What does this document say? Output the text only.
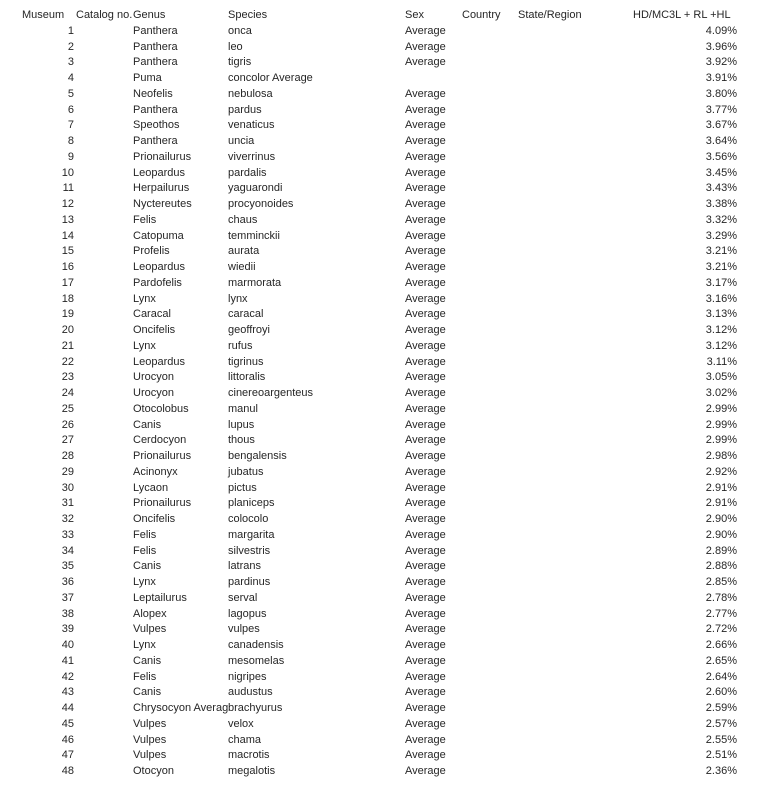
Museum	Catalog no.	Genus	Species	Sex	Country	State/Region	HD/MC3L + RL +HL
1		Panthera	onca	Average			4.09%
2		Panthera	leo	Average			3.96%
3		Panthera	tigris	Average			3.92%
4		Puma	concolor Average				3.91%
5		Neofelis	nebulosa	Average			3.80%
6		Panthera	pardus	Average			3.77%
7		Speothos	venaticus	Average			3.67%
8		Panthera	uncia	Average			3.64%
9		Prionailurus	viverrinus	Average			3.56%
10		Leopardus	pardalis	Average			3.45%
11		Herpailurus	yaguarondi	Average			3.43%
12		Nyctereutes	procyonoides	Average			3.38%
13		Felis	chaus	Average			3.32%
14		Catopuma	temminckii	Average			3.29%
15		Profelis	aurata	Average			3.21%
16		Leopardus	wiedii	Average			3.21%
17		Pardofelis	marmorata	Average			3.17%
18		Lynx	lynx	Average			3.16%
19		Caracal	caracal	Average			3.13%
20		Oncifelis	geoffroyi	Average			3.12%
21		Lynx	rufus	Average			3.12%
22		Leopardus	tigrinus	Average			3.11%
23		Urocyon	littoralis	Average			3.05%
24		Urocyon	cinereoargenteus	Average			3.02%
25		Otocolobus	manul	Average			2.99%
26		Canis	lupus	Average			2.99%
27		Cerdocyon	thous	Average			2.99%
28		Prionailurus	bengalensis	Average			2.98%
29		Acinonyx	jubatus	Average			2.92%
30		Lycaon	pictus	Average			2.91%
31		Prionailurus	planiceps	Average			2.91%
32		Oncifelis	colocolo	Average			2.90%
33		Felis	margarita	Average			2.90%
34		Felis	silvestris	Average			2.89%
35		Canis	latrans	Average			2.88%
36		Lynx	pardinus	Average			2.85%
37		Leptailurus	serval	Average			2.78%
38		Alopex	lagopus	Average			2.77%
39		Vulpes	vulpes	Average			2.72%
40		Lynx	canadensis	Average			2.66%
41		Canis	mesomelas	Average			2.65%
42		Felis	nigripes	Average			2.64%
43		Canis	audustus	Average			2.60%
44		Chrysocyon Averag	brachyurus	Average			2.59%
45		Vulpes	velox	Average			2.57%
46		Vulpes	chama	Average			2.55%
47		Vulpes	macrotis	Average			2.51%
48		Otocyon	megalotis	Average			2.36%
